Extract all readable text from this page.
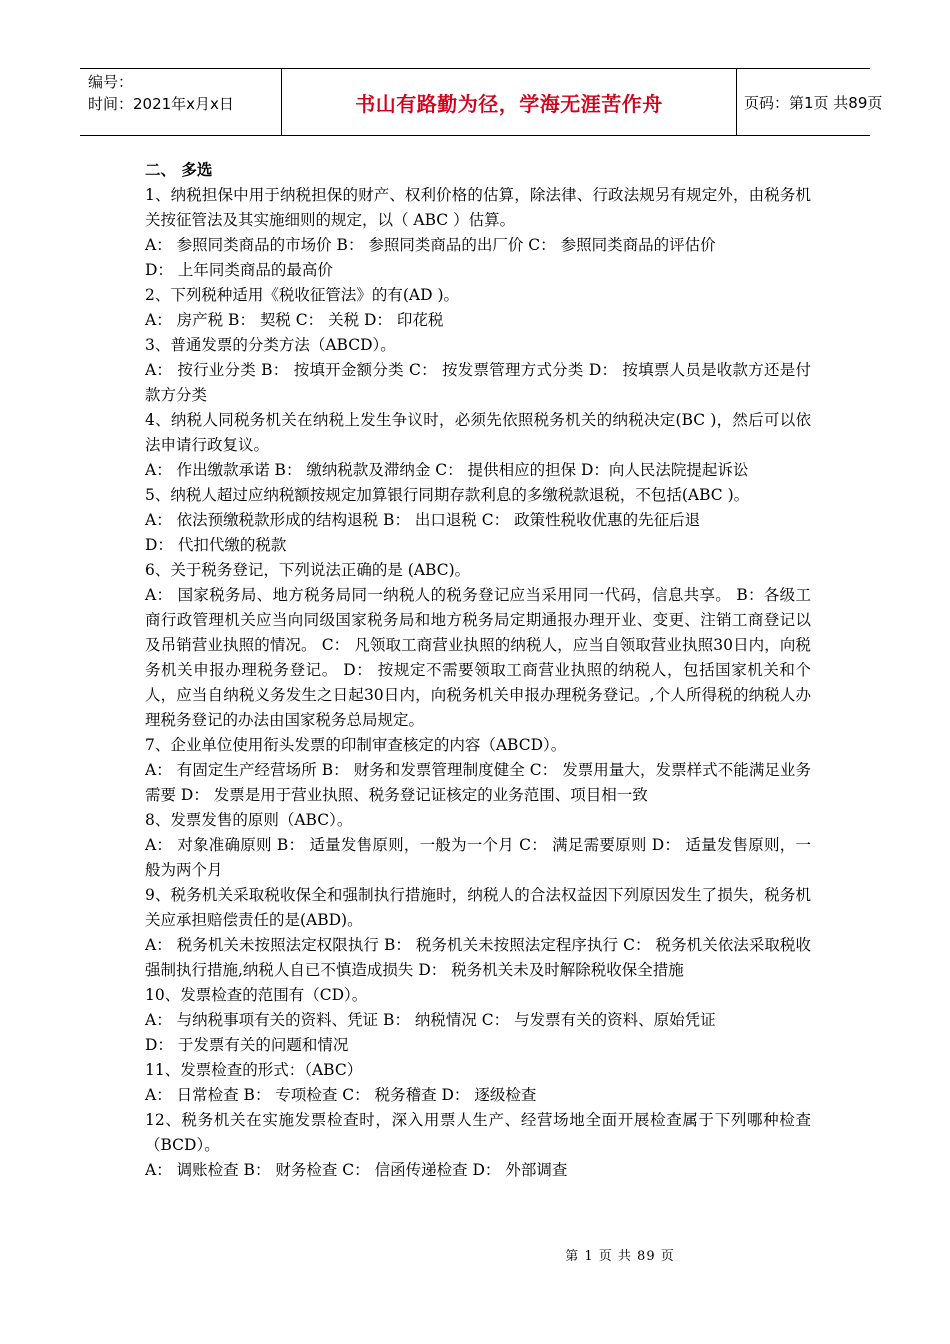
编号：
时间：2021年x月x日	书山有路勤为径，学海无涯苦作舟	页码：第1页 共89页

二、 多选

1、纳税担保中用于纳税担保的财产、权利价格的估算，除法律、行政法规另有规定外，由税务机关按征管法及其实施细则的规定，以（ ABC ）估算。

A： 参照同类商品的市场价 B： 参照同类商品的出厂价 C： 参照同类商品的评估价

D： 上年同类商品的最高价

2、下列税种适用《税收征管法》的有(AD )。

A： 房产税 B： 契税 C： 关税 D： 印花税

3、普通发票的分类方法（ABCD）。

A： 按行业分类 B： 按填开金额分类 C： 按发票管理方式分类 D： 按填票人员是收款方还是付款方分类

4、纳税人同税务机关在纳税上发生争议时，必须先依照税务机关的纳税决定(BC )，然后可以依法申请行政复议。

A： 作出缴款承诺 B： 缴纳税款及滞纳金 C： 提供相应的担保 D：向人民法院提起诉讼

5、纳税人超过应纳税额按规定加算银行同期存款利息的多缴税款退税，不包括(ABC )。

A： 依法预缴税款形成的结构退税 B： 出口退税 C： 政策性税收优惠的先征后退

D： 代扣代缴的税款

6、关于税务登记，下列说法正确的是 (ABC)。

A： 国家税务局、地方税务局同一纳税人的税务登记应当采用同一代码，信息共享。 B：各级工商行政管理机关应当向同级国家税务局和地方税务局定期通报办理开业、变更、注销工商登记以及吊销营业执照的情况。 C： 凡领取工商营业执照的纳税人，应当自领取营业执照30日内，向税务机关申报办理税务登记。 D： 按规定不需要领取工商营业执照的纳税人，包括国家机关和个人，应当自纳税义务发生之日起30日内，向税务机关申报办理税务登记。,个人所得税的纳税人办理税务登记的办法由国家税务总局规定。

7、企业单位使用衔头发票的印制审查核定的内容（ABCD）。

A： 有固定生产经营场所 B： 财务和发票管理制度健全 C： 发票用量大，发票样式不能满足业务需要 D： 发票是用于营业执照、税务登记证核定的业务范围、项目相一致

8、发票发售的原则（ABC）。

A： 对象准确原则 B： 适量发售原则，一般为一个月 C： 满足需要原则 D： 适量发售原则，一般为两个月

9、税务机关采取税收保全和强制执行措施时，纳税人的合法权益因下列原因发生了损失，税务机关应承担赔偿责任的是(ABD)。

A： 税务机关未按照法定权限执行 B： 税务机关未按照法定程序执行 C： 税务机关依法采取税收强制执行措施,纳税人自已不慎造成损失 D： 税务机关未及时解除税收保全措施

10、发票检查的范围有（CD）。

A： 与纳税事项有关的资料、凭证 B： 纳税情况 C： 与发票有关的资料、原始凭证

D： 于发票有关的问题和情况

11、发票检查的形式：（ABC）

A： 日常检查 B： 专项检查 C： 税务稽查 D： 逐级检查

12、税务机关在实施发票检查时，深入用票人生产、经营场地全面开展检查属于下列哪种检查（BCD）。

A： 调账检查 B： 财务检查 C： 信函传递检查 D： 外部调查

第 1 页 共 89 页
